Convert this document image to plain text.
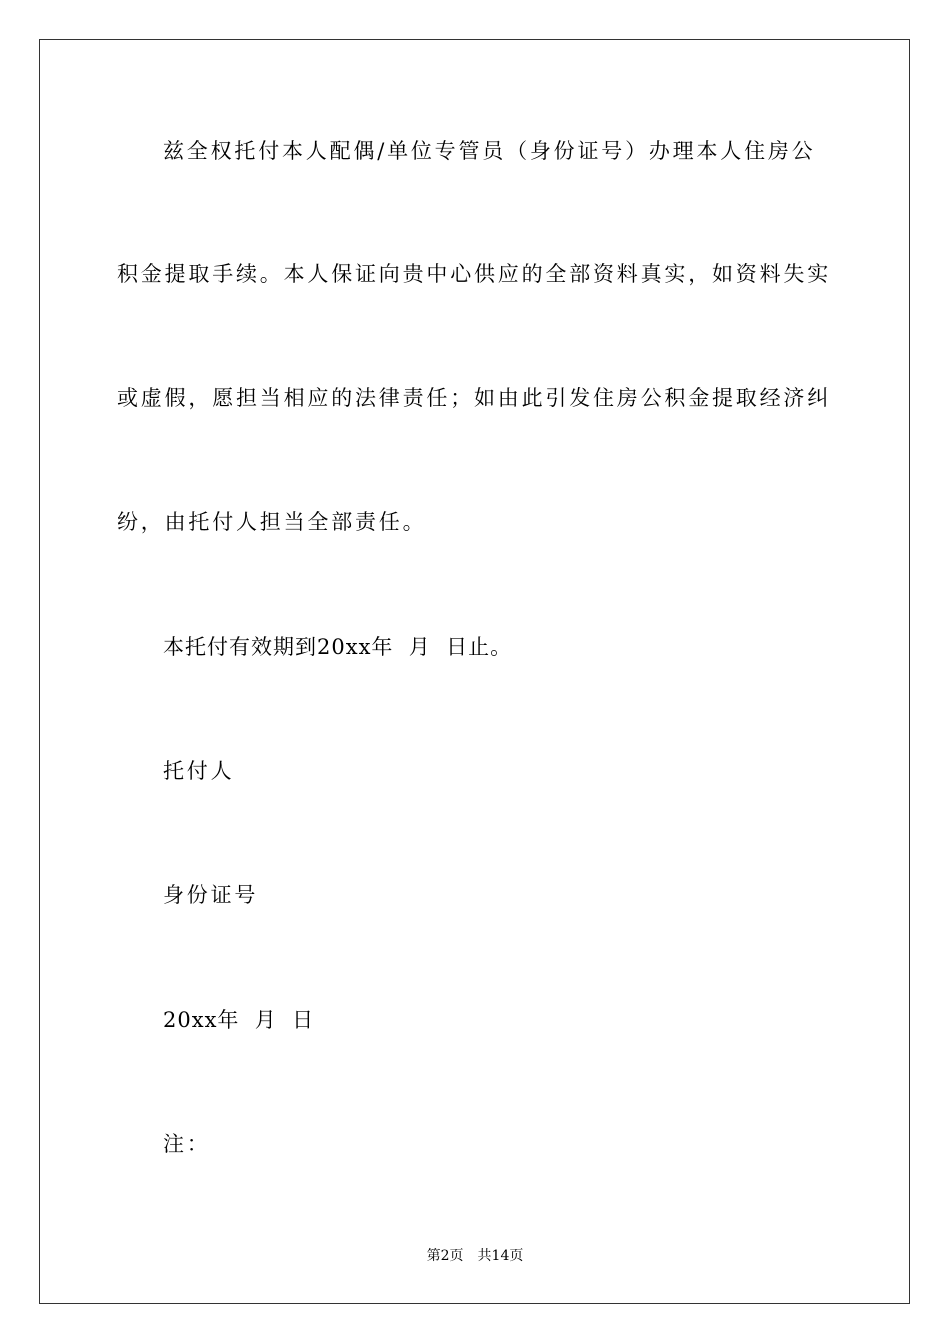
兹全权托付本人配偶/单位专管员（身份证号）办理本人住房公
积金提取手续。本人保证向贵中心供应的全部资料真实，如资料失实
或虚假，愿担当相应的法律责任；如由此引发住房公积金提取经济纠
纷，由托付人担当全部责任。
本托付有效期到20xx年  月  日止。
托付人
身份证号
20xx年  月  日
注：
第2页 共14页
